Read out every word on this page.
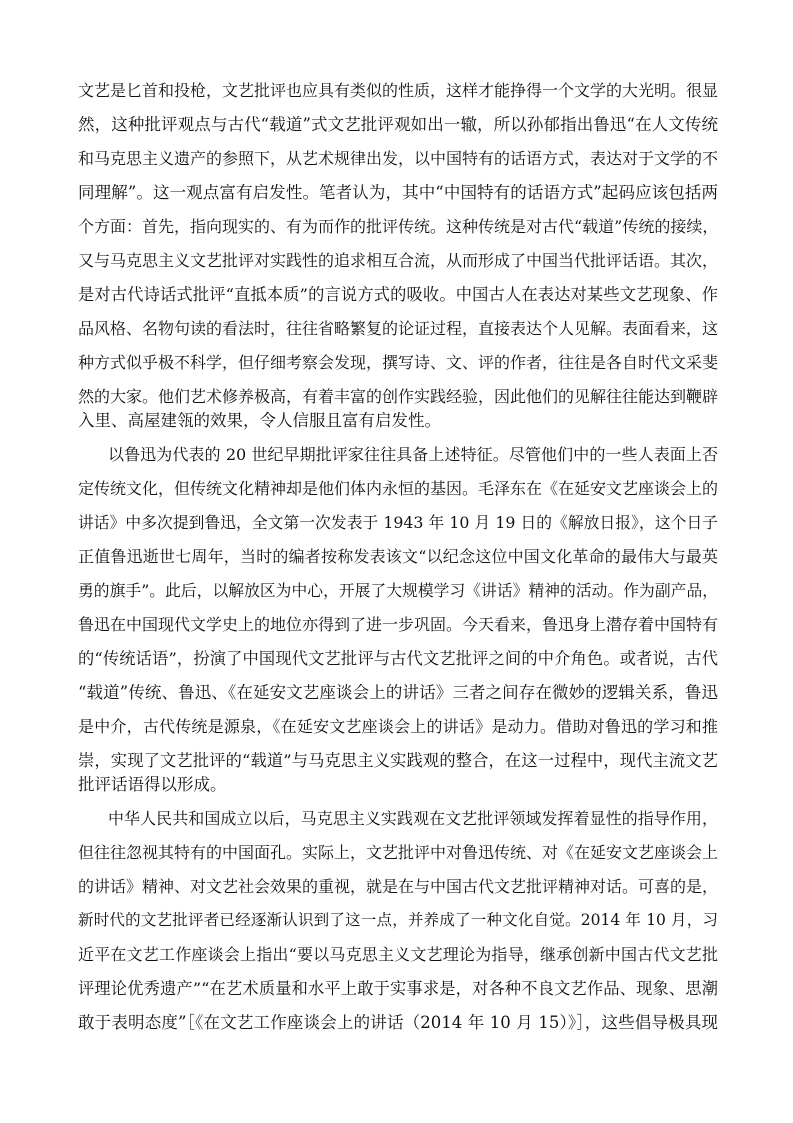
文艺是匕首和投枪，文艺批评也应具有类似的性质，这样才能挣得一个文学的大光明。很显
然，这种批评观点与古代“载道”式文艺批评观如出一辙，所以孙郁指出鲁迅“在人文传统
和马克思主义遗产的参照下，从艺术规律出发，以中国特有的话语方式，表达对于文学的不
同理解”。这一观点富有启发性。笔者认为，其中“中国特有的话语方式”起码应该包括两
个方面：首先，指向现实的、有为而作的批评传统。这种传统是对古代“载道”传统的接续，
又与马克思主义文艺批评对实践性的追求相互合流，从而形成了中国当代批评话语。其次，
是对古代诗话式批评“直抵本质”的言说方式的吸收。中国古人在表达对某些文艺现象、作
品风格、名物句读的看法时，往往省略繁复的论证过程，直接表达个人见解。表面看来，这
种方式似乎极不科学，但仔细考察会发现，撰写诗、文、评的作者，往往是各自时代文采斐
然的大家。他们艺术修养极高，有着丰富的创作实践经验，因此他们的见解往往能达到鞭辟
入里、高屋建瓴的效果，令人信服且富有启发性。
以鲁迅为代表的 20 世纪早期批评家往往具备上述特征。尽管他们中的一些人表面上否
定传统文化，但传统文化精神却是他们体内永恒的基因。毛泽东在《在延安文艺座谈会上的
讲话》中多次提到鲁迅，全文第一次发表于 1943 年 10 月 19 日的《解放日报》，这个日子
正值鲁迅逝世七周年，当时的编者按称发表该文“以纪念这位中国文化革命的最伟大与最英
勇的旗手”。此后，以解放区为中心，开展了大规模学习《讲话》精神的活动。作为副产品，
鲁迅在中国现代文学史上的地位亦得到了进一步巩固。今天看来，鲁迅身上潜存着中国特有
的“传统话语”，扮演了中国现代文艺批评与古代文艺批评之间的中介角色。或者说，古代
“载道”传统、鲁迅、《在延安文艺座谈会上的讲话》三者之间存在微妙的逻辑关系，鲁迅
是中介，古代传统是源泉，《在延安文艺座谈会上的讲话》是动力。借助对鲁迅的学习和推
崇，实现了文艺批评的“载道”与马克思主义实践观的整合，在这一过程中，现代主流文艺
批评话语得以形成。
中华人民共和国成立以后，马克思主义实践观在文艺批评领域发挥着显性的指导作用，
但往往忽视其特有的中国面孔。实际上，文艺批评中对鲁迅传统、对《在延安文艺座谈会上
的讲话》精神、对文艺社会效果的重视，就是在与中国古代文艺批评精神对话。可喜的是，
新时代的文艺批评者已经逐渐认识到了这一点，并养成了一种文化自觉。2014 年 10 月，习
近平在文艺工作座谈会上指出“要以马克思主义文艺理论为指导，继承创新中国古代文艺批
评理论优秀遗产”“在艺术质量和水平上敢于实事求是，对各种不良文艺作品、现象、思潮
敢于表明态度”［《在文艺工作座谈会上的讲话（2014 年 10 月 15）》］，这些倡导极具现
